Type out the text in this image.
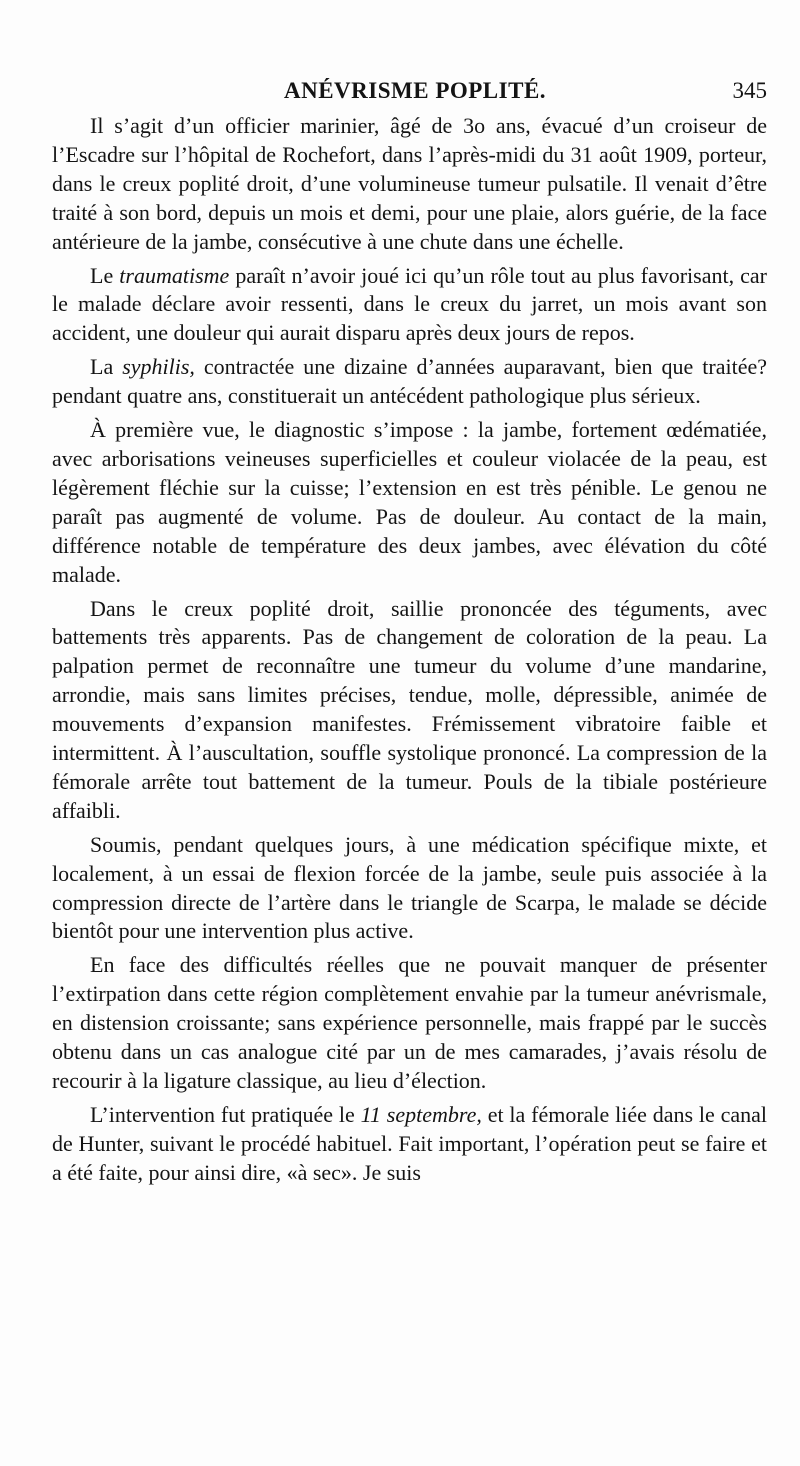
ANÉVRISME POPLITÉ.	345

Il s’agit d’un officier marinier, âgé de 3o ans, évacué d’un croiseur de l’Escadre sur l’hôpital de Rochefort, dans l’après-midi du 31 août 1909, porteur, dans le creux poplité droit, d’une volumineuse tumeur pulsatile. Il venait d’être traité à son bord, depuis un mois et demi, pour une plaie, alors guérie, de la face antérieure de la jambe, consécutive à une chute dans une échelle.

Le traumatisme paraît n’avoir joué ici qu’un rôle tout au plus favorisant, car le malade déclare avoir ressenti, dans le creux du jarret, un mois avant son accident, une douleur qui aurait disparu après deux jours de repos.

La syphilis, contractée une dizaine d’années auparavant, bien que traitée? pendant quatre ans, constituerait un antécédent pathologique plus sérieux.

À première vue, le diagnostic s’impose : la jambe, fortement œdématiée, avec arborisations veineuses superficielles et couleur violacée de la peau, est légèrement fléchie sur la cuisse; l’extension en est très pénible. Le genou ne paraît pas augmenté de volume. Pas de douleur. Au contact de la main, différence notable de température des deux jambes, avec élévation du côté malade.

Dans le creux poplité droit, saillie prononcée des téguments, avec battements très apparents. Pas de changement de coloration de la peau. La palpation permet de reconnaître une tumeur du volume d’une mandarine, arrondie, mais sans limites précises, tendue, molle, dépressible, animée de mouvements d’expansion manifestes. Frémissement vibratoire faible et intermittent. À l’auscultation, souffle systolique prononcé. La compression de la fémorale arrête tout battement de la tumeur. Pouls de la tibiale postérieure affaibli.

Soumis, pendant quelques jours, à une médication spécifique mixte, et localement, à un essai de flexion forcée de la jambe, seule puis associée à la compression directe de l’artère dans le triangle de Scarpa, le malade se décide bientôt pour une intervention plus active.

En face des difficultés réelles que ne pouvait manquer de présenter l’extirpation dans cette région complètement envahie par la tumeur anévrismale, en distension croissante; sans expérience personnelle, mais frappé par le succès obtenu dans un cas analogue cité par un de mes camarades, j’avais résolu de recourir à la ligature classique, au lieu d’élection.

L’intervention fut pratiquée le 11 septembre, et la fémorale liée dans le canal de Hunter, suivant le procédé habituel. Fait important, l’opération peut se faire et a été faite, pour ainsi dire, «à sec». Je suis
